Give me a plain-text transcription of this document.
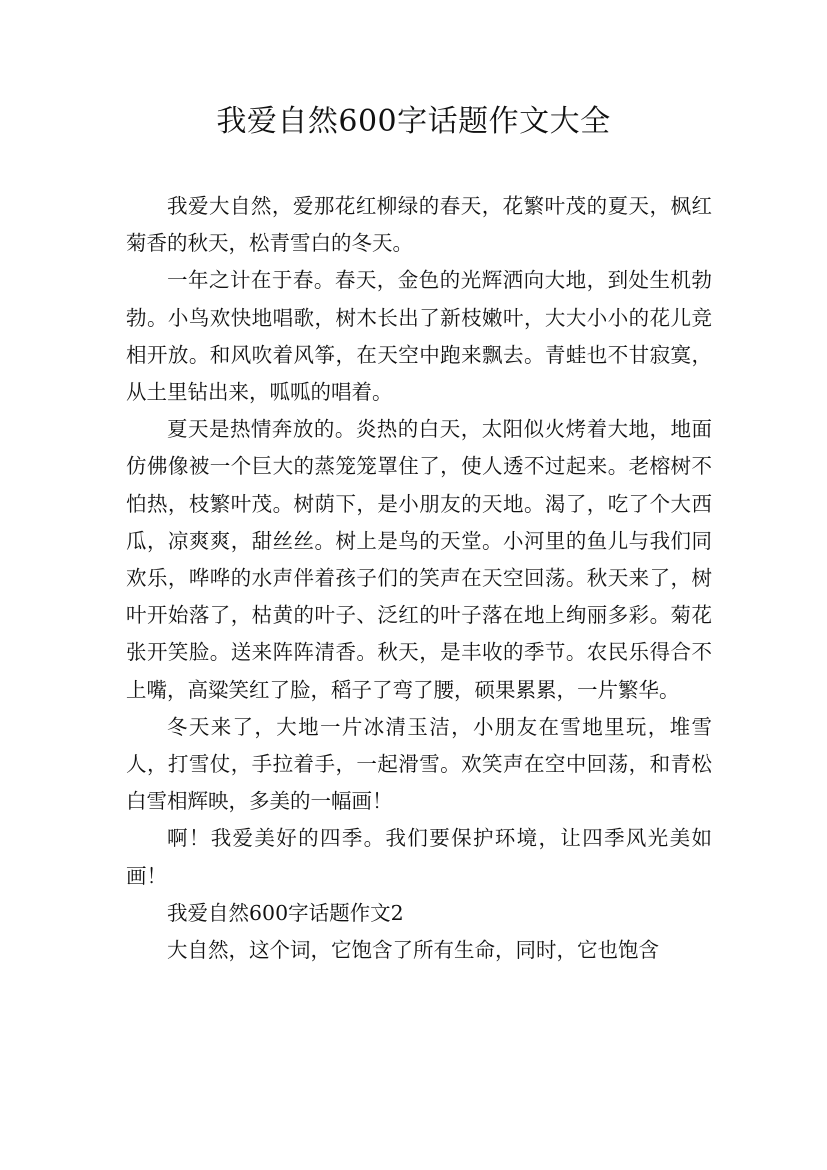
我爱自然600字话题作文大全

我爱大自然，爱那花红柳绿的春天，花繁叶茂的夏天，枫红菊香的秋天，松青雪白的冬天。

一年之计在于春。春天，金色的光辉洒向大地，到处生机勃勃。小鸟欢快地唱歌，树木长出了新枝嫩叶，大大小小的花儿竞相开放。和风吹着风筝，在天空中跑来飘去。青蛙也不甘寂寞，从土里钻出来，呱呱的唱着。

夏天是热情奔放的。炎热的白天，太阳似火烤着大地，地面仿佛像被一个巨大的蒸笼笼罩住了，使人透不过起来。老榕树不怕热，枝繁叶茂。树荫下，是小朋友的天地。渴了，吃了个大西瓜，凉爽爽，甜丝丝。树上是鸟的天堂。小河里的鱼儿与我们同欢乐，哗哗的水声伴着孩子们的笑声在天空回荡。秋天来了，树叶开始落了，枯黄的叶子、泛红的叶子落在地上绚丽多彩。菊花张开笑脸。送来阵阵清香。秋天，是丰收的季节。农民乐得合不上嘴，高粱笑红了脸，稻子了弯了腰，硕果累累，一片繁华。

冬天来了，大地一片冰清玉洁，小朋友在雪地里玩，堆雪人，打雪仗，手拉着手，一起滑雪。欢笑声在空中回荡，和青松白雪相辉映，多美的一幅画！

啊！我爱美好的四季。我们要保护环境，让四季风光美如画！

我爱自然600字话题作文2

大自然，这个词，它饱含了所有生命，同时，它也饱含
